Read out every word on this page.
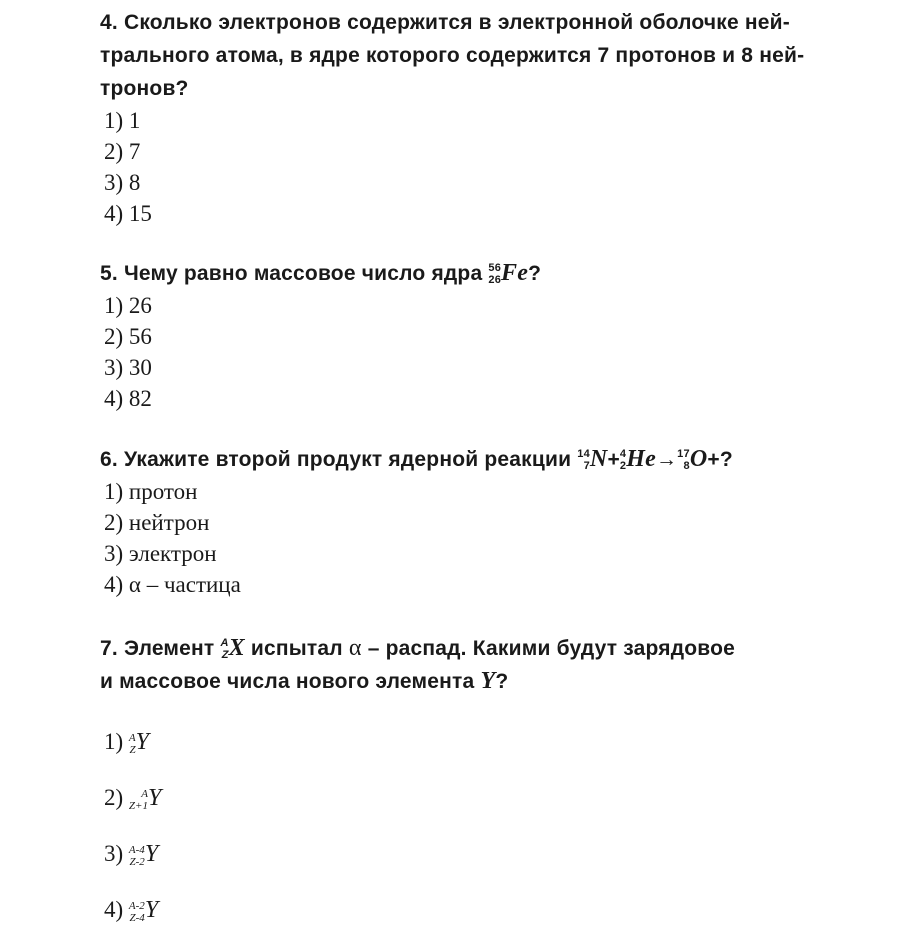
4. Сколько электронов содержится в электронной оболочке ней-
трального атома, в ядре которого содержится 7 протонов и 8 ней-
тронов?
1) 1
2) 7
3) 8
4) 15
5. Чему равно массовое число ядра 56
26 Fe?
1) 26
2) 56
3) 30
4) 82
6. Укажите второй продукт ядерной реакции 14
7 N+ 4
2 He→ 17
8 O+?
1) протон
2) нейтрон
3) электрон
4) α – частица
7. Элемент A
Z X испытал α – распад. Какими будут зарядовое
и массовое числа нового элемента Y?
1) A
Z Y
2)	A
Z+1 Y
3) A-4
Z-2 Y
4) A-2
Z-4 Y
